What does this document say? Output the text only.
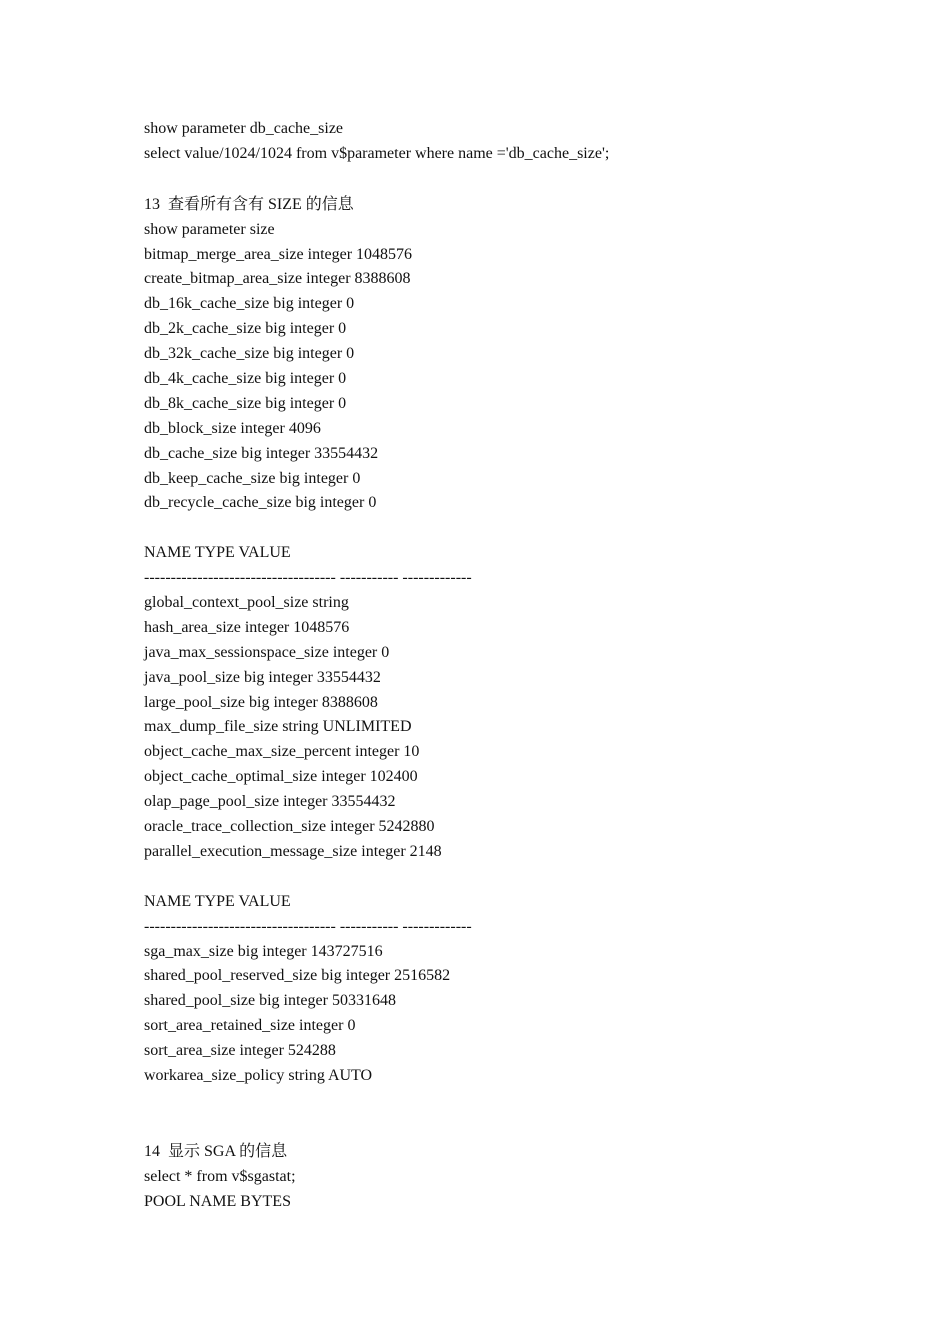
show parameter db_cache_size
select value/1024/1024 from v$parameter where name ='db_cache_size';
13  查看所有含有 SIZE 的信息
show parameter size
bitmap_merge_area_size integer 1048576
create_bitmap_area_size integer 8388608
db_16k_cache_size big integer 0
db_2k_cache_size big integer 0
db_32k_cache_size big integer 0
db_4k_cache_size big integer 0
db_8k_cache_size big integer 0
db_block_size integer 4096
db_cache_size big integer 33554432
db_keep_cache_size big integer 0
db_recycle_cache_size big integer 0
NAME TYPE VALUE
------------------------------------ ----------- -------------
global_context_pool_size string
hash_area_size integer 1048576
java_max_sessionspace_size integer 0
java_pool_size big integer 33554432
large_pool_size big integer 8388608
max_dump_file_size string UNLIMITED
object_cache_max_size_percent integer 10
object_cache_optimal_size integer 102400
olap_page_pool_size integer 33554432
oracle_trace_collection_size integer 5242880
parallel_execution_message_size integer 2148
NAME TYPE VALUE
------------------------------------ ----------- -------------
sga_max_size big integer 143727516
shared_pool_reserved_size big integer 2516582
shared_pool_size big integer 50331648
sort_area_retained_size integer 0
sort_area_size integer 524288
workarea_size_policy string AUTO
14  显示 SGA 的信息
select * from v$sgastat;
POOL NAME BYTES
